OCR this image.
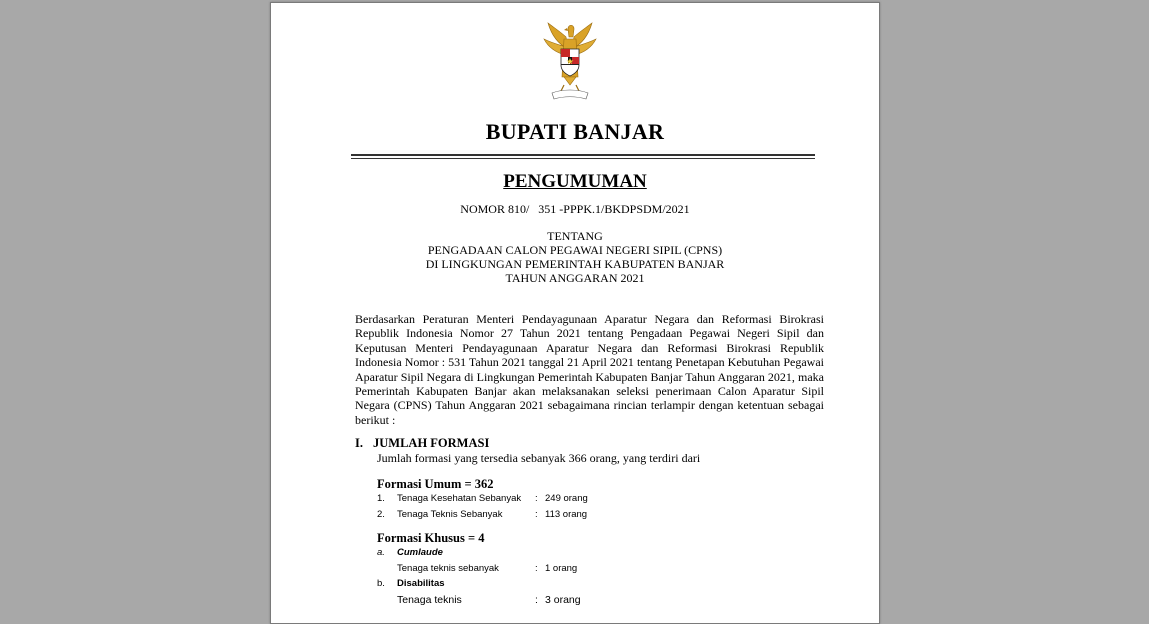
BUPATI BANJAR
PENGUMUMAN
NOMOR 810/   351 -PPPK.1/BKDPSDM/2021
TENTANG
PENGADAAN CALON PEGAWAI NEGERI SIPIL (CPNS)
DI LINGKUNGAN PEMERINTAH KABUPATEN BANJAR
TAHUN ANGGARAN 2021
Berdasarkan Peraturan Menteri Pendayagunaan Aparatur Negara dan Reformasi Birokrasi Republik Indonesia Nomor 27 Tahun 2021 tentang Pengadaan Pegawai Negeri Sipil dan Keputusan Menteri Pendayagunaan Aparatur Negara dan Reformasi Birokrasi Republik Indonesia Nomor : 531 Tahun 2021 tanggal 21 April 2021 tentang Penetapan Kebutuhan Pegawai Aparatur Sipil Negara di Lingkungan Pemerintah Kabupaten Banjar Tahun Anggaran 2021, maka Pemerintah Kabupaten Banjar akan melaksanakan seleksi penerimaan Calon Aparatur Sipil Negara (CPNS) Tahun Anggaran 2021 sebagaimana rincian terlampir dengan ketentuan sebagai berikut :
I. JUMLAH FORMASI
Jumlah formasi yang tersedia sebanyak 366 orang, yang terdiri dari
Formasi Umum = 362
1. Tenaga Kesehatan Sebanyak : 249 orang
2. Tenaga Teknis Sebanyak	: 113 orang
Formasi Khusus = 4
a. Cumlaude
Tenaga teknis sebanyak	: 1 orang
b. Disabilitas
Tenaga teknis	: 3 orang
